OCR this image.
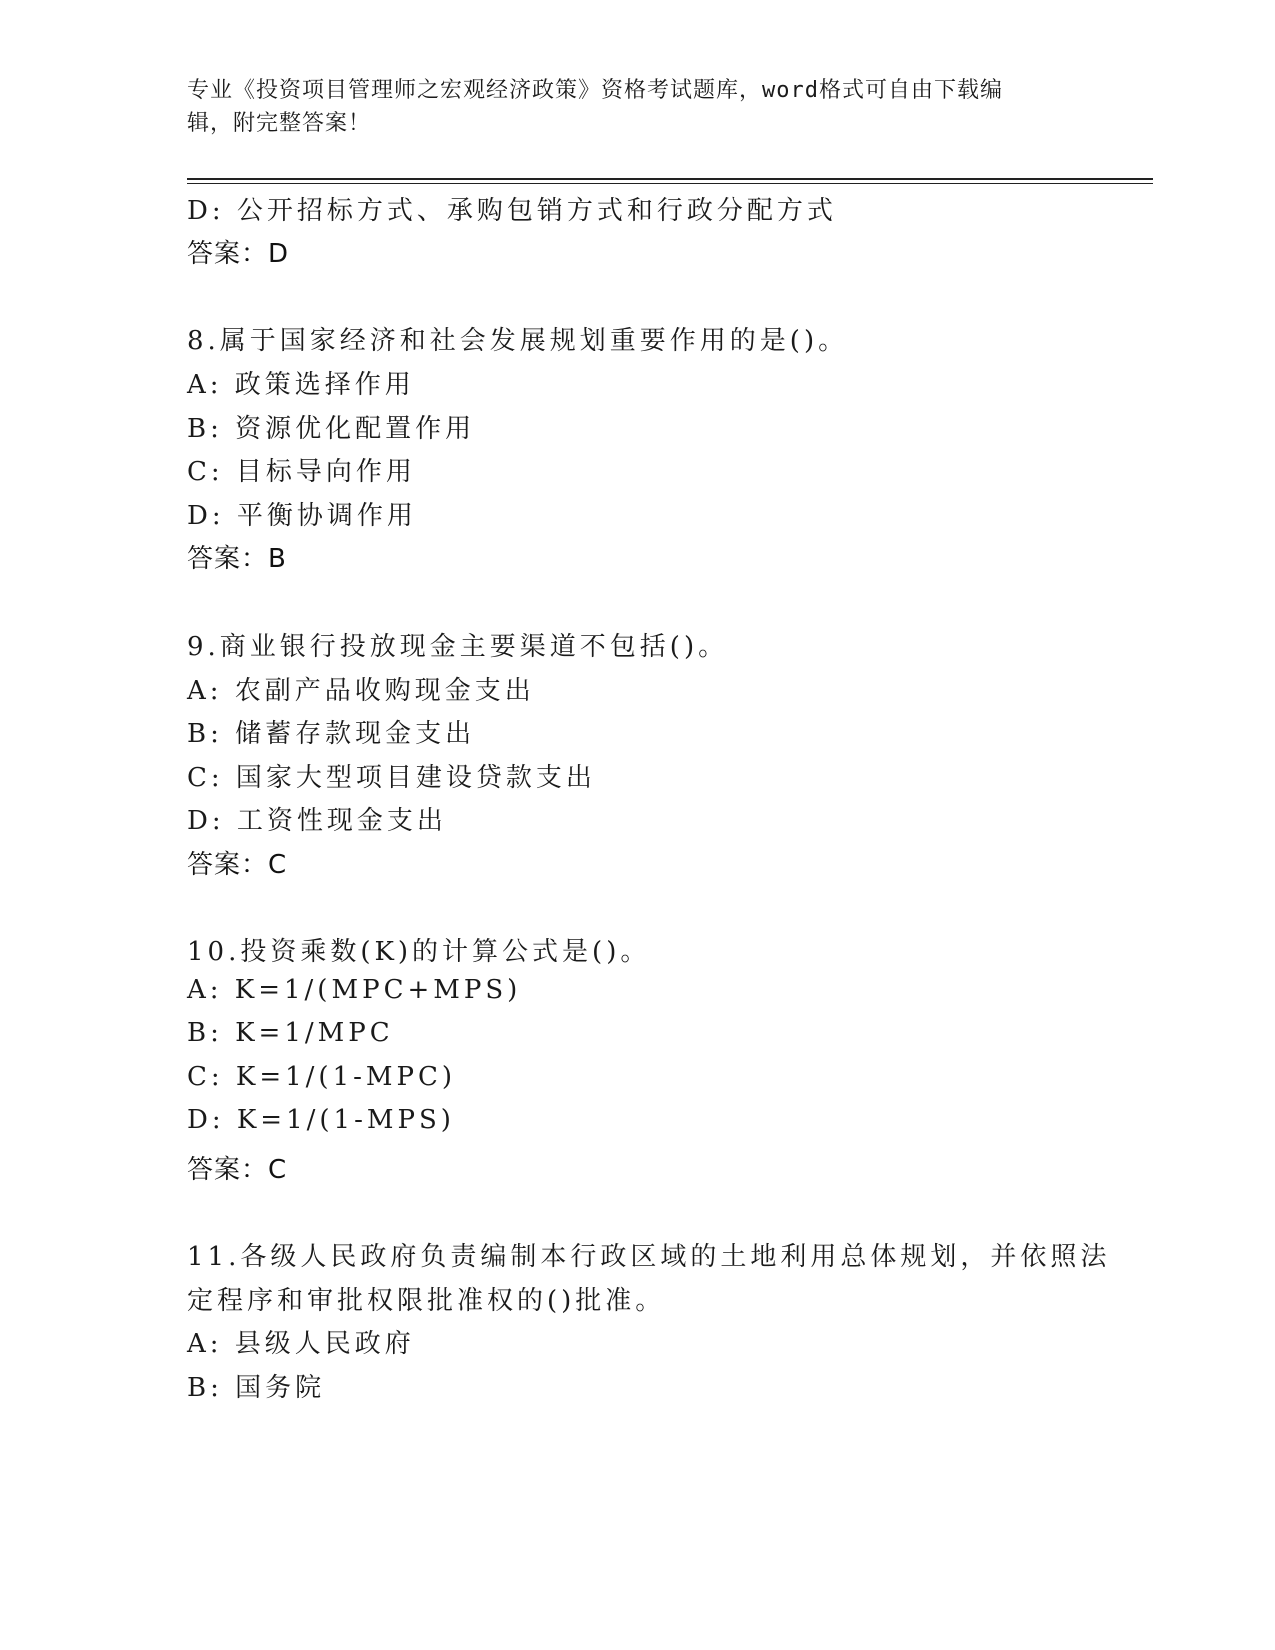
专业《投资项目管理师之宏观经济政策》资格考试题库，word格式可自由下载编
辑，附完整答案！
D: 公开招标方式、承购包销方式和行政分配方式
答案：D
8.属于国家经济和社会发展规划重要作用的是()。
A: 政策选择作用
B: 资源优化配置作用
C: 目标导向作用
D: 平衡协调作用
答案：B
9.商业银行投放现金主要渠道不包括()。
A: 农副产品收购现金支出
B: 储蓄存款现金支出
C: 国家大型项目建设贷款支出
D: 工资性现金支出
答案：C
10.投资乘数(K)的计算公式是()。
A: K=1/(MPC+MPS)
B: K=1/MPC
C: K=1/(1-MPC)
D: K=1/(1-MPS)
答案：C
11.各级人民政府负责编制本行政区域的土地利用总体规划，并依照法
定程序和审批权限批准权的()批准。
A: 县级人民政府
B: 国务院
